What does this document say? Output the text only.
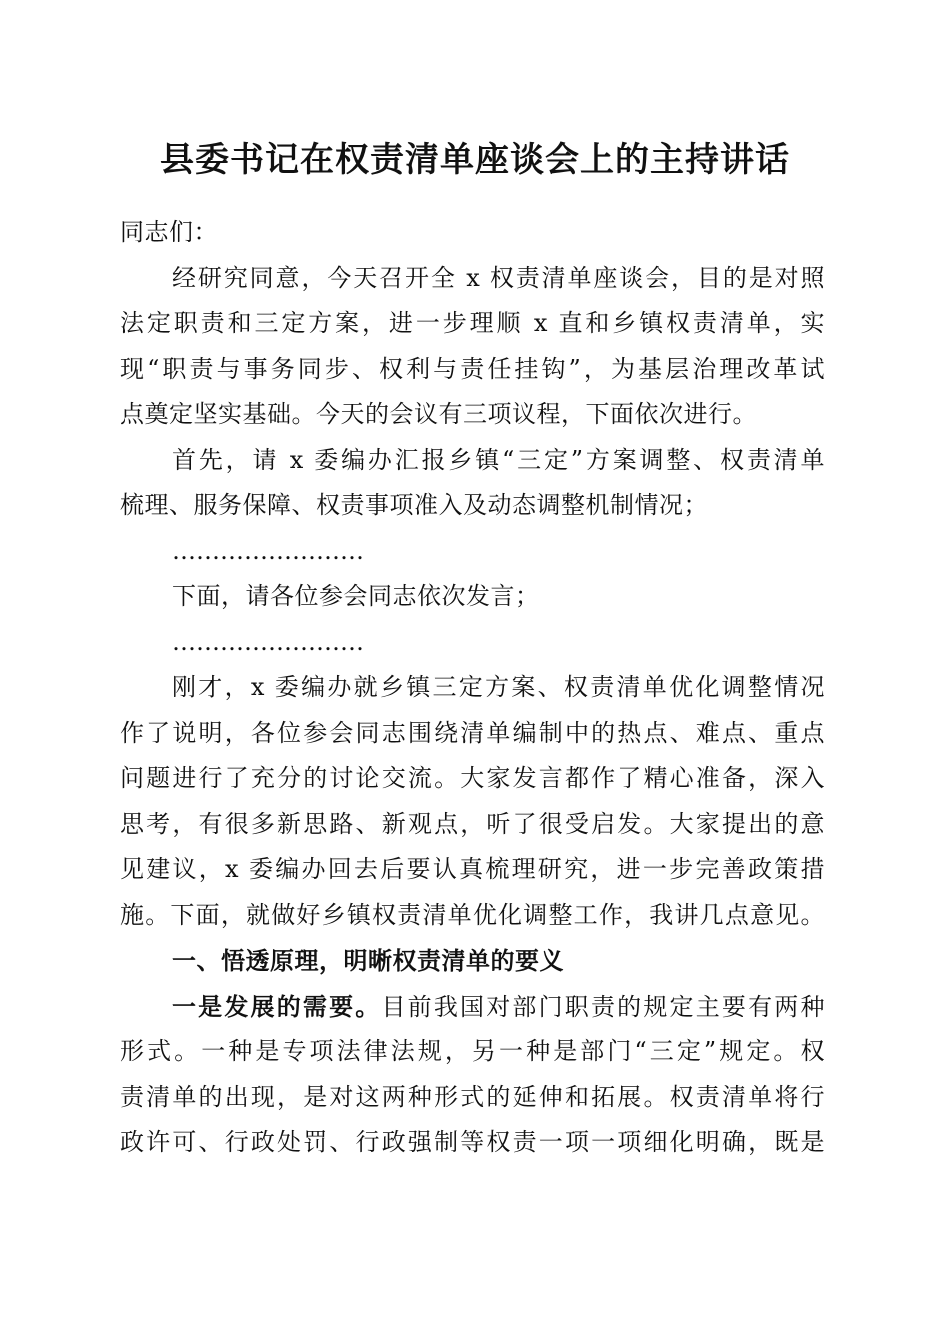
县委书记在权责清单座谈会上的主持讲话
同志们：
经研究同意，今天召开全 x 权责清单座谈会，目的是对照
法定职责和三定方案，进一步理顺 x 直和乡镇权责清单，实
现“职责与事务同步、权利与责任挂钩”，为基层治理改革试
点奠定坚实基础。今天的会议有三项议程，下面依次进行。
首先，请 x 委编办汇报乡镇“三定”方案调整、权责清单
梳理、服务保障、权责事项准入及动态调整机制情况；
……………………
下面，请各位参会同志依次发言；
……………………
刚才，x 委编办就乡镇三定方案、权责清单优化调整情况
作了说明，各位参会同志围绕清单编制中的热点、难点、重点
问题进行了充分的讨论交流。大家发言都作了精心准备，深入
思考，有很多新思路、新观点，听了很受启发。大家提出的意
见建议，x 委编办回去后要认真梳理研究，进一步完善政策措
施。下面，就做好乡镇权责清单优化调整工作，我讲几点意见。
一、悟透原理，明晰权责清单的要义
一是发展的需要。目前我国对部门职责的规定主要有两种
形式。一种是专项法律法规，另一种是部门“三定”规定。权
责清单的出现，是对这两种形式的延伸和拓展。权责清单将行
政许可、行政处罚、行政强制等权责一项一项细化明确，既是
